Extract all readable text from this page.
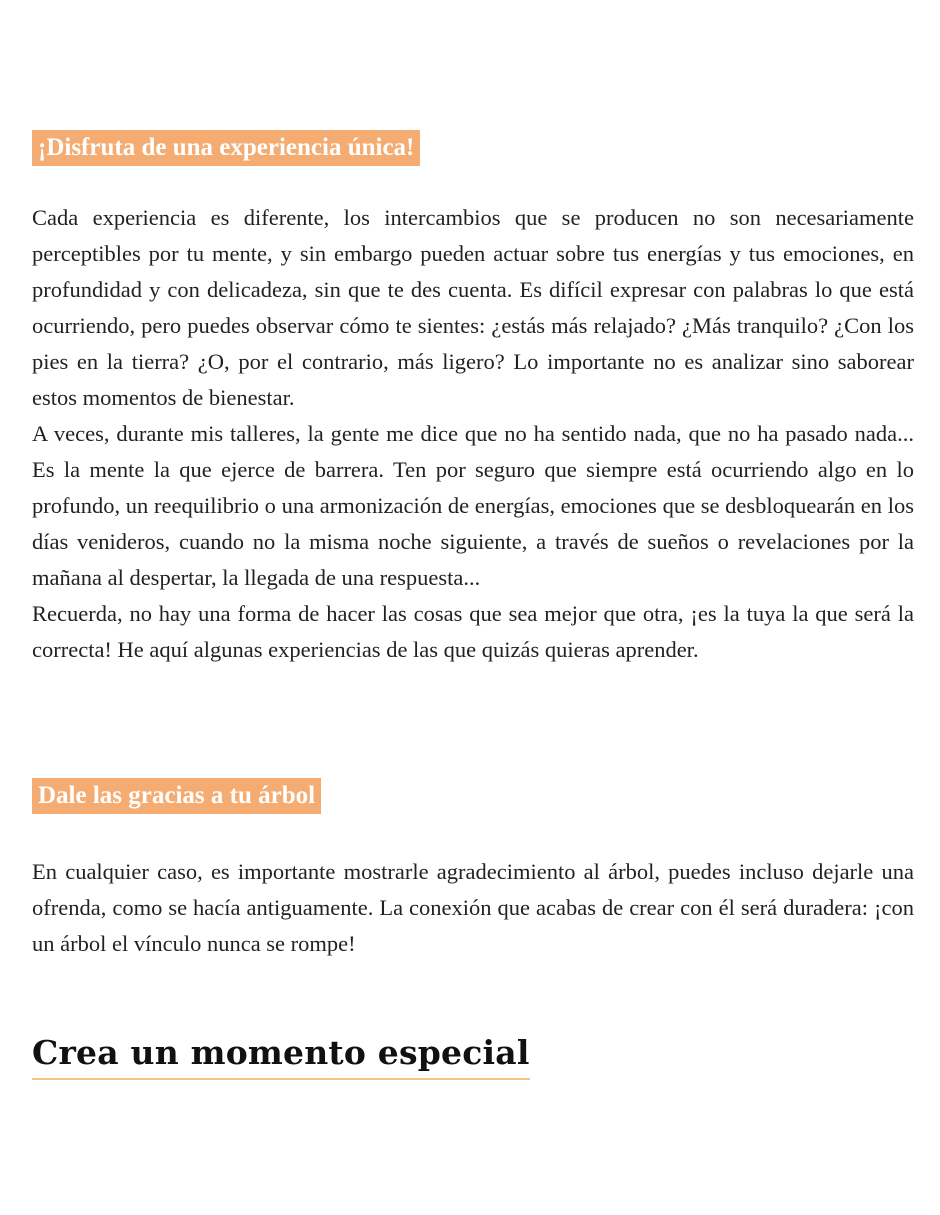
¡Disfruta de una experiencia única!

Cada experiencia es diferente, los intercambios que se producen no son necesariamente perceptibles por tu mente, y sin embargo pueden actuar sobre tus energías y tus emociones, en profundidad y con delicadeza, sin que te des cuenta. Es difícil expresar con palabras lo que está ocurriendo, pero puedes observar cómo te sientes: ¿estás más relajado? ¿Más tranquilo? ¿Con los pies en la tierra? ¿O, por el contrario, más ligero? Lo importante no es analizar sino saborear estos momentos de bienestar.

A veces, durante mis talleres, la gente me dice que no ha sentido nada, que no ha pasado nada... Es la mente la que ejerce de barrera. Ten por seguro que siempre está ocurriendo algo en lo profundo, un reequilibrio o una armonización de energías, emociones que se desbloquearán en los días venideros, cuando no la misma noche siguiente, a través de sueños o revelaciones por la mañana al despertar, la llegada de una respuesta...

Recuerda, no hay una forma de hacer las cosas que sea mejor que otra, ¡es la tuya la que será la correcta! He aquí algunas experiencias de las que quizás quieras aprender.

Dale las gracias a tu árbol

En cualquier caso, es importante mostrarle agradecimiento al árbol, puedes incluso dejarle una ofrenda, como se hacía antiguamente. La conexión que acabas de crear con él será duradera: ¡con un árbol el vínculo nunca se rompe!

Crea un momento especial
